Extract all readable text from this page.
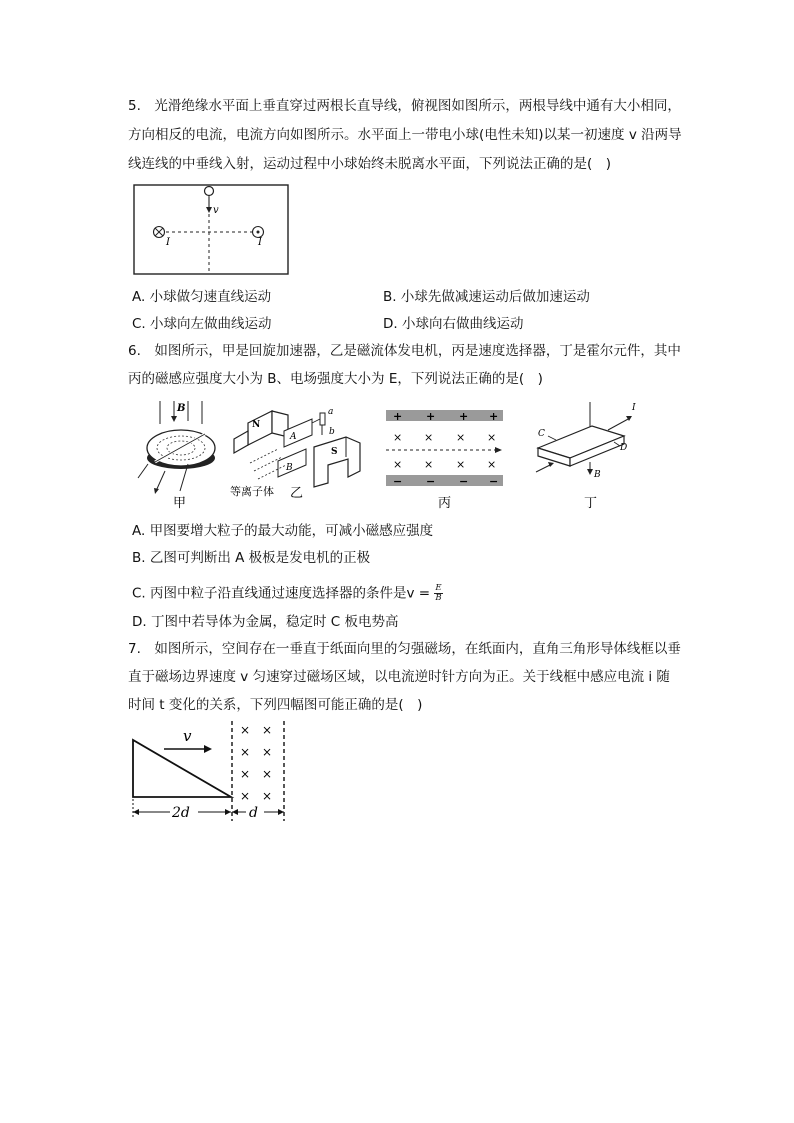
5.　光滑绝缘水平面上垂直穿过两根长直导线，俯视图如图所示，两根导线中通有大小相同，
方向相反的电流，电流方向如图所示。水平面上一带电小球(电性未知)以某一初速度 v 沿两导
线连线的中垂线入射，运动过程中小球始终未脱离水平面，下列说法正确的是(　)
v
I	I
A. 小球做匀速直线运动	B. 小球先做减速运动后做加速运动
C. 小球向左做曲线运动	D. 小球向右做曲线运动
6.　如图所示，甲是回旋加速器，乙是磁流体发电机，丙是速度选择器，丁是霍尔元件，其中
丙的磁感应强度大小为 B、电场强度大小为 E，下列说法正确的是(　)
B
甲
N
A
B
a
b
S
等离子体 乙
+ + + +
− − − −
× × × ×
× × × ×
丙
B
I
C
D
丁
A. 甲图要增大粒子的最大动能，可减小磁感应强度
B. 乙图可判断出 A 极板是发电机的正极
C. 丙图中粒子沿直线通过速度选择器的条件是$v = \frac{E}{B}$
D. 丁图中若导体为金属，稳定时 C 板电势高
7.　如图所示，空间存在一垂直于纸面向里的匀强磁场，在纸面内，直角三角形导体线框以垂
直于磁场边界速度 v 匀速穿过磁场区域，以电流逆时针方向为正。关于线框中感应电流 i 随
时间 t 变化的关系，下列四幅图可能正确的是(　)
v	× ×
× ×
× ×
× ×
2d	d
